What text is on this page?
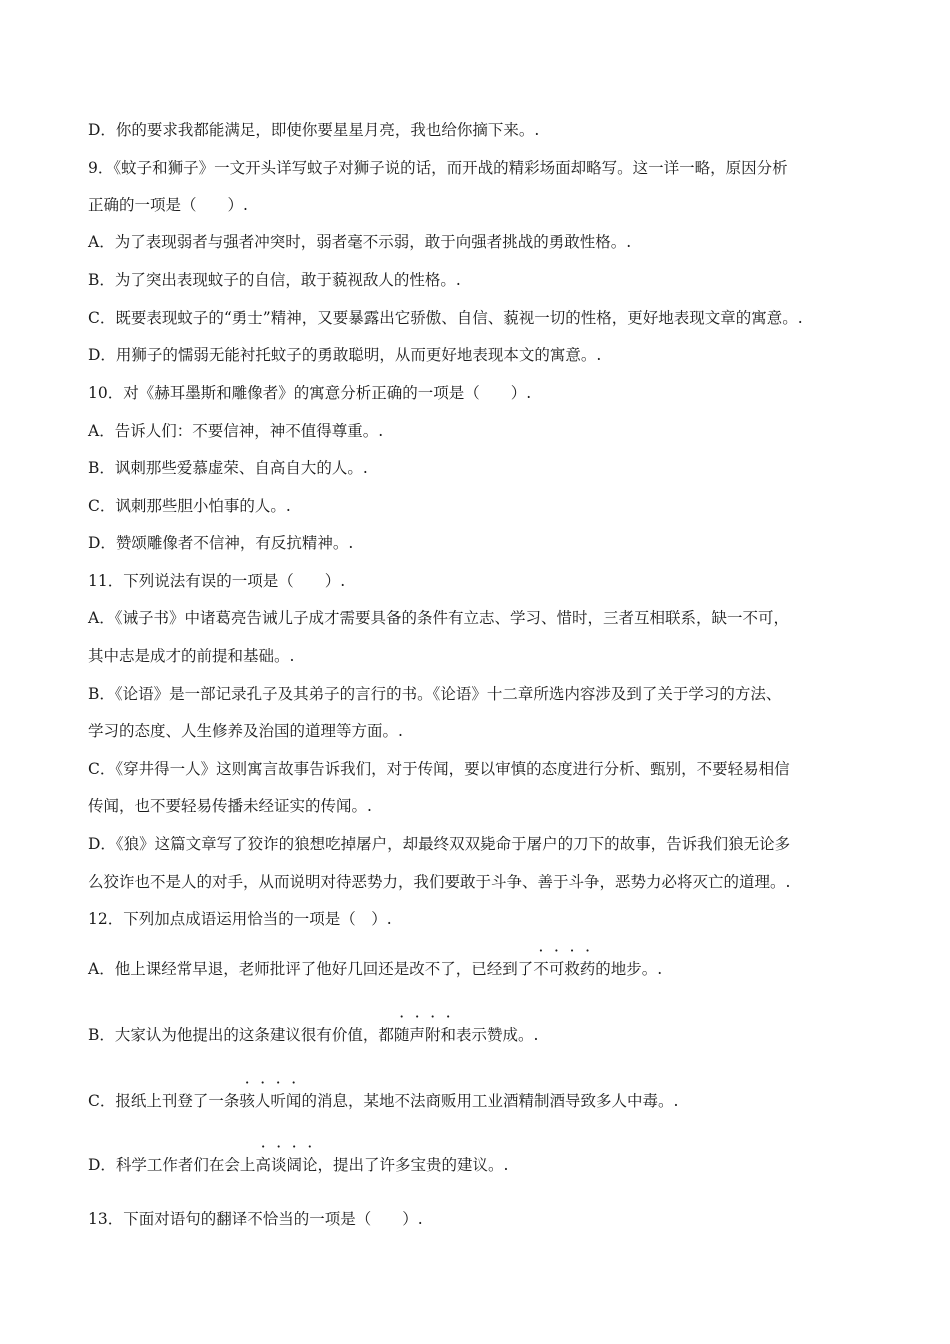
D．你的要求我都能满足，即使你要星星月亮，我也给你摘下来。.
9．《蚊子和狮子》一文开头详写蚊子对狮子说的话，而开战的精彩场面却略写。这一详一略，原因分析
正确的一项是（　　）.
A．为了表现弱者与强者冲突时，弱者毫不示弱，敢于向强者挑战的勇敢性格。.
B．为了突出表现蚊子的自信，敢于藐视敌人的性格。.
C．既要表现蚊子的“勇士”精神，又要暴露出它骄傲、自信、藐视一切的性格，更好地表现文章的寓意。.
D．用狮子的懦弱无能衬托蚊子的勇敢聪明，从而更好地表现本文的寓意。.
10．对《赫耳墨斯和雕像者》的寓意分析正确的一项是（　　）.
A．告诉人们：不要信神，神不值得尊重。.
B．讽刺那些爱慕虚荣、自高自大的人。.
C．讽刺那些胆小怕事的人。.
D．赞颂雕像者不信神，有反抗精神。.
11．下列说法有误的一项是（　　）.
A．《诫子书》中诸葛亮告诫儿子成才需要具备的条件有立志、学习、惜时，三者互相联系，缺一不可，
其中志是成才的前提和基础。.
B．《论语》是一部记录孔子及其弟子的言行的书。《论语》十二章所选内容涉及到了关于学习的方法、
学习的态度、人生修养及治国的道理等方面。.
C．《穿井得一人》这则寓言故事告诉我们，对于传闻，要以审慎的态度进行分析、甄别，不要轻易相信
传闻，也不要轻易传播未经证实的传闻。.
D．《狼》这篇文章写了狡诈的狼想吃掉屠户，却最终双双毙命于屠户的刀下的故事，告诉我们狼无论多
么狡诈也不是人的对手，从而说明对待恶势力，我们要敢于斗争、善于斗争，恶势力必将灭亡的道理。.
12．下列加点成语运用恰当的一项是（　）.
A．他上课经常早退，老师批评了他好几回还是改不了，已经到了不可救药的地步。.
B．大家认为他提出的这条建议很有价值，都随声附和表示赞成。.
C．报纸上刊登了一条骇人听闻的消息，某地不法商贩用工业酒精制酒导致多人中毒。.
D．科学工作者们在会上高谈阔论，提出了许多宝贵的建议。.
13．下面对语句的翻译不恰当的一项是（　　）.
